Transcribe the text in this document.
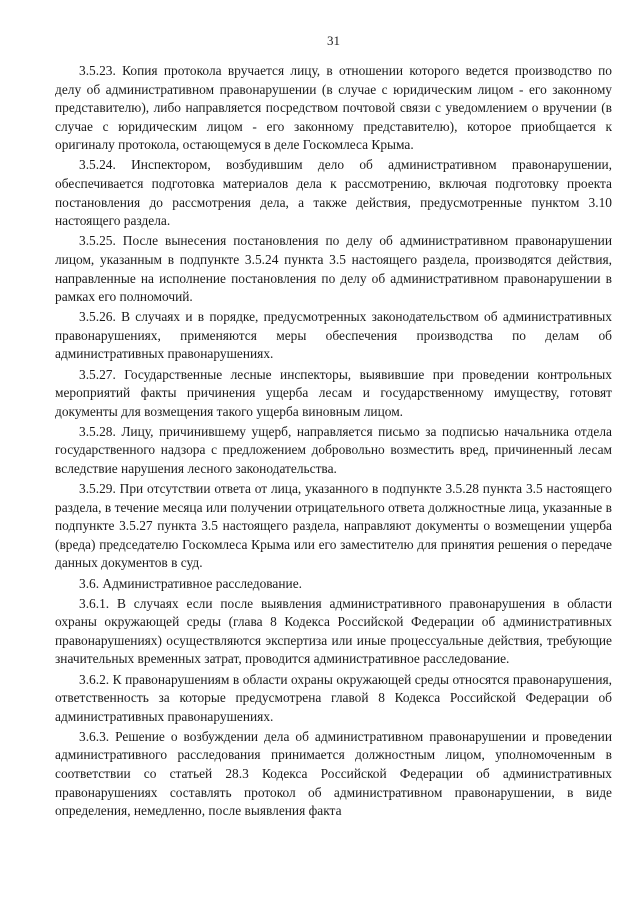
31

3.5.23. Копия протокола вручается лицу, в отношении которого ведется производство по делу об административном правонарушении (в случае с юридическим лицом - его законному представителю), либо направляется посредством почтовой связи с уведомлением о вручении (в случае с юридическим лицом - его законному представителю), которое приобщается к оригиналу протокола, остающемуся в деле Госкомлеса Крыма.

3.5.24. Инспектором, возбудившим дело об административном правонарушении, обеспечивается подготовка материалов дела к рассмотрению, включая подготовку проекта постановления до рассмотрения дела, а также действия, предусмотренные пунктом 3.10 настоящего раздела.

3.5.25. После вынесения постановления по делу об административном правонарушении лицом, указанным в подпункте 3.5.24 пункта 3.5 настоящего раздела, производятся действия, направленные на исполнение постановления по делу об административном правонарушении в рамках его полномочий.

3.5.26. В случаях и в порядке, предусмотренных законодательством об административных правонарушениях, применяются меры обеспечения производства по делам об административных правонарушениях.

3.5.27. Государственные лесные инспекторы, выявившие при проведении контрольных мероприятий факты причинения ущерба лесам и государственному имуществу, готовят документы для возмещения такого ущерба виновным лицом.

3.5.28. Лицу, причинившему ущерб, направляется письмо за подписью начальника отдела государственного надзора с предложением добровольно возместить вред, причиненный лесам вследствие нарушения лесного законодательства.

3.5.29. При отсутствии ответа от лица, указанного в подпункте 3.5.28 пункта 3.5 настоящего раздела, в течение месяца или получении отрицательного ответа должностные лица, указанные в подпункте 3.5.27 пункта 3.5 настоящего раздела, направляют документы о возмещении ущерба (вреда) председателю Госкомлеса Крыма или его заместителю для принятия решения о передаче данных документов в суд.

3.6. Административное расследование.

3.6.1. В случаях если после выявления административного правонарушения в области охраны окружающей среды (глава 8 Кодекса Российской Федерации об административных правонарушениях) осуществляются экспертиза или иные процессуальные действия, требующие значительных временных затрат, проводится административное расследование.

3.6.2. К правонарушениям в области охраны окружающей среды относятся правонарушения, ответственность за которые предусмотрена главой 8 Кодекса Российской Федерации об административных правонарушениях.

3.6.3. Решение о возбуждении дела об административном правонарушении и проведении административного расследования принимается должностным лицом, уполномоченным в соответствии со статьей 28.3 Кодекса Российской Федерации об административных правонарушениях составлять протокол об административном правонарушении, в виде определения, немедленно, после выявления факта
